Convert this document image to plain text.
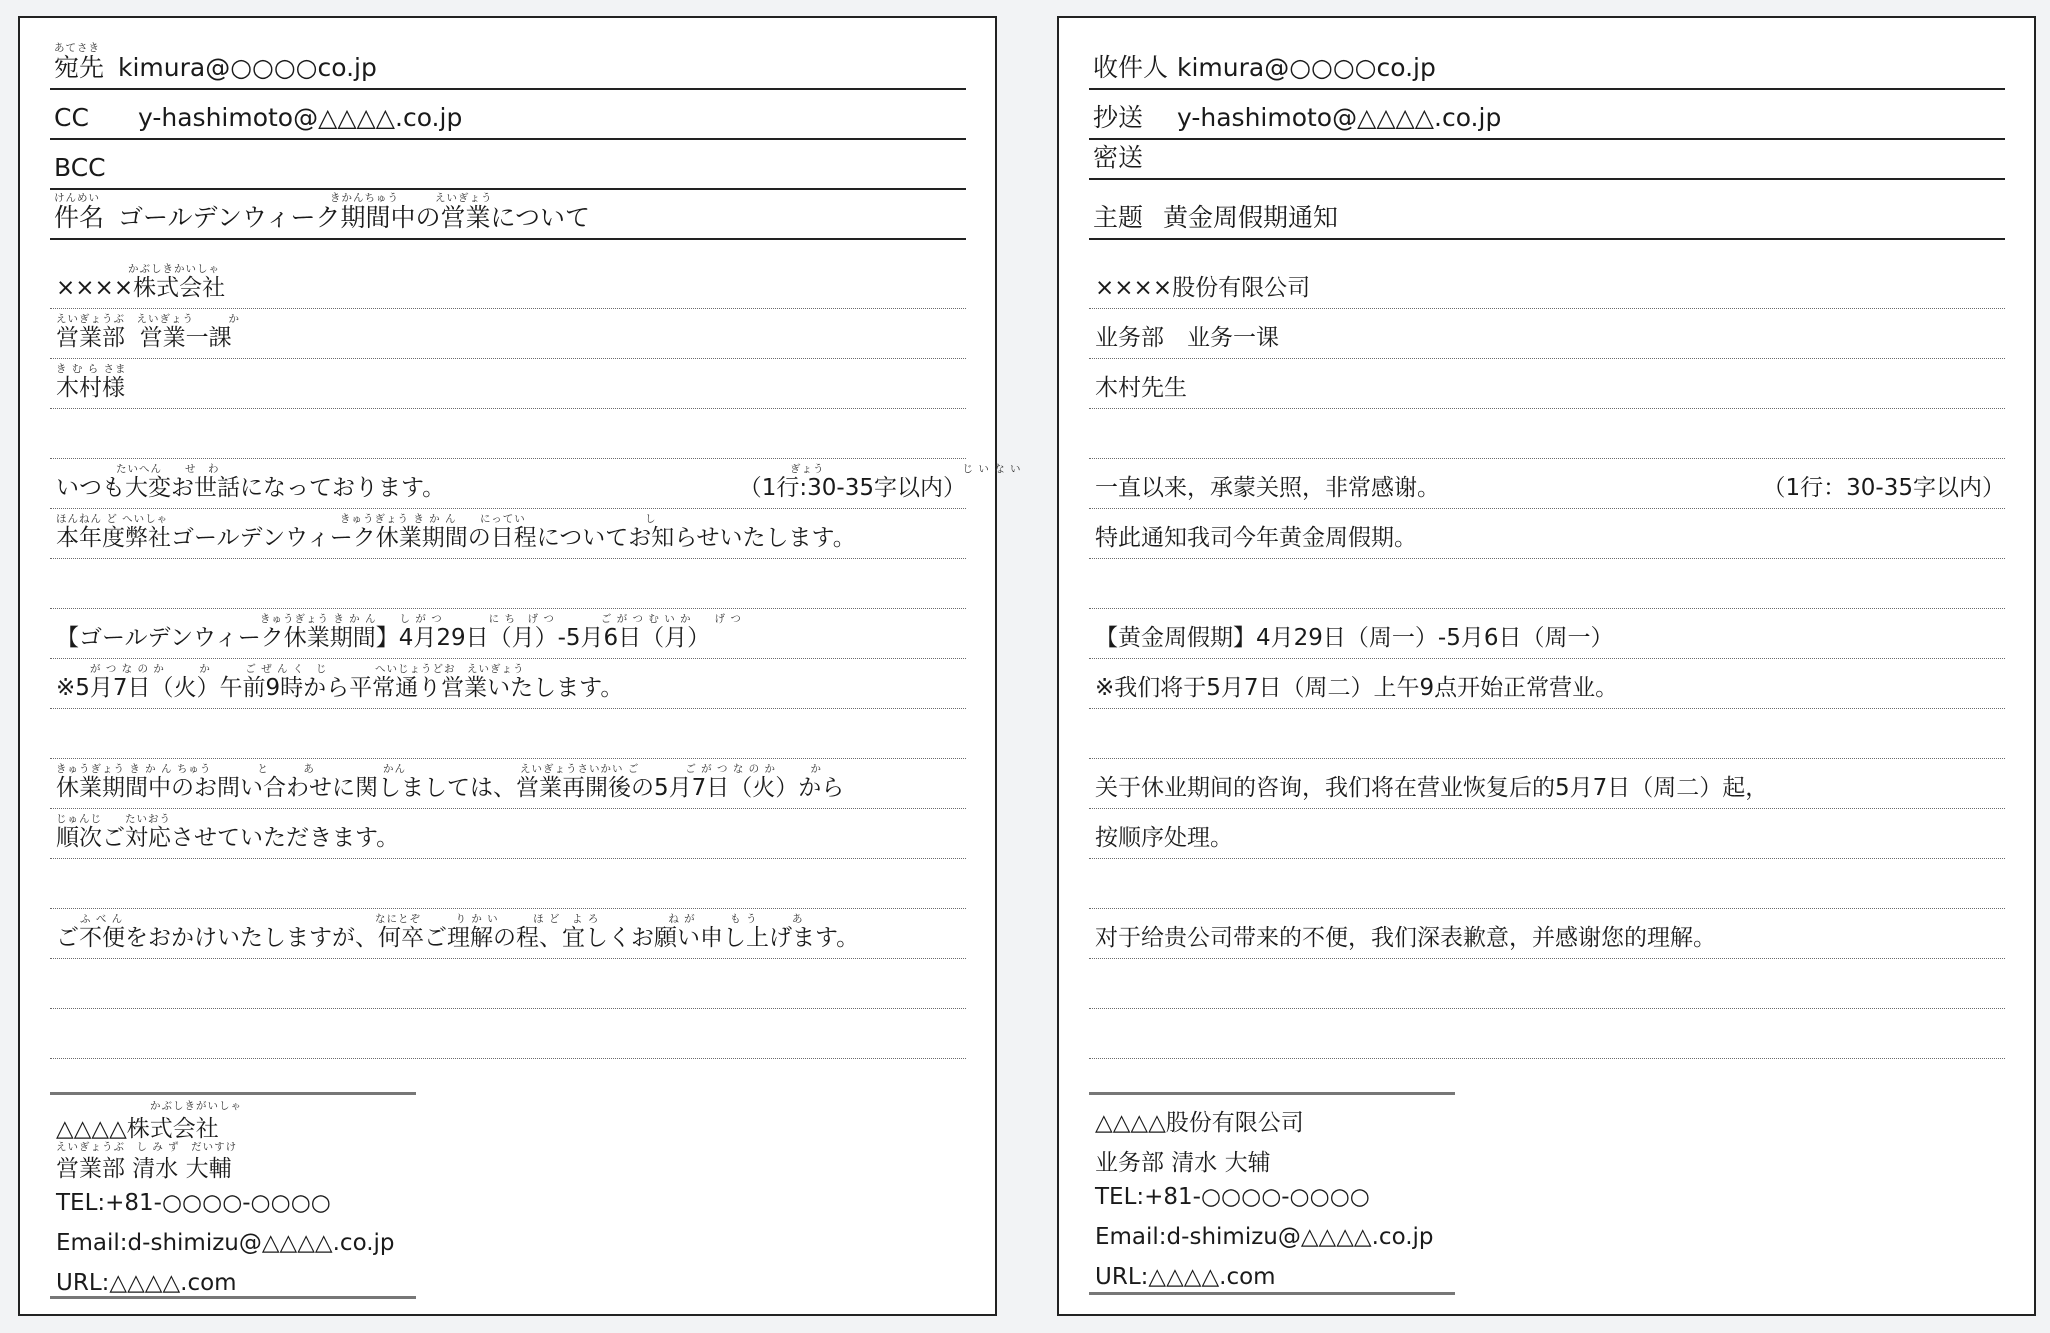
あてさき
宛先 kimura@○○○○co.jp
CC y-hashimoto@△△△△.co.jp
BCC
けんめい	きかんちゅう	えいぎょう
件名 ゴールデンウィーク期間中の営業について
かぶしきかいしゃ
××××株式会社
えいぎょうぶ　えいぎょう　　　か
営業部  営業一課
き む ら さま
木村様
たいへん　　せ　わ	ぎょう　　　　　　　　　　　　じ い な い
いつも大変お世話になっております。	（1行:30-35字以内）
ほんねん ど へいしゃ	きゅうぎょう き か ん にってい	し
本年度弊社ゴールデンウィーク休業期間の日程についてお知らせいたします。
きゅうぎょう き か ん　　し が つ　　　　に ち　げ つ　　　　ご が つ む い か　　げ つ
【ゴールデンウィーク休業期間】4月29日（月）-5月6日（月）
が つ な の か　　　か　　　ご ぜ ん く　じ	へいじょうどお　えいぎょう
※5月7日（火）午前9時から平常通り営業いたします。
きゅうぎょう き か ん ちゅう　　　　と　　　あ	かん	えいぎょうさいかい ご　　　　ご が つ な の か　　　か
休業期間中のお問い合わせに関しましては、営業再開後の5月7日（火）から
じゅんじ　　たいおう
順次ご対応させていただきます。
ふ べ ん	なにとぞ　　　り か い　　　ほ ど　よ ろ　　　　　　ね が　　　も う　　　あ
ご不便をおかけいたしますが、何卒ご理解の程、宜しくお願い申し上げます。
かぶしきがいしゃ
△△△△株式会社
えいぎょうぶ　し み ず　だいすけ
営業部 清水 大輔
TEL:+81-○○○○-○○○○
Email:d-shimizu@△△△△.co.jp
URL:△△△△.com
收件人 kimura@○○○○co.jp
抄送 y-hashimoto@△△△△.co.jp
密送
主题 黄金周假期通知
××××股份有限公司
业务部　业务一课
木村先生
一直以来，承蒙关照，非常感谢。	（1行：30-35字以内）
特此通知我司今年黄金周假期。
【黄金周假期】4月29日（周一）-5月6日（周一）
※我们将于5月7日（周二）上午9点开始正常营业。
关于休业期间的咨询，我们将在营业恢复后的5月7日（周二）起，
按顺序处理。
对于给贵公司带来的不便，我们深表歉意，并感谢您的理解。
△△△△股份有限公司
业务部 清水 大辅
TEL:+81-○○○○-○○○○
Email:d-shimizu@△△△△.co.jp
URL:△△△△.com
